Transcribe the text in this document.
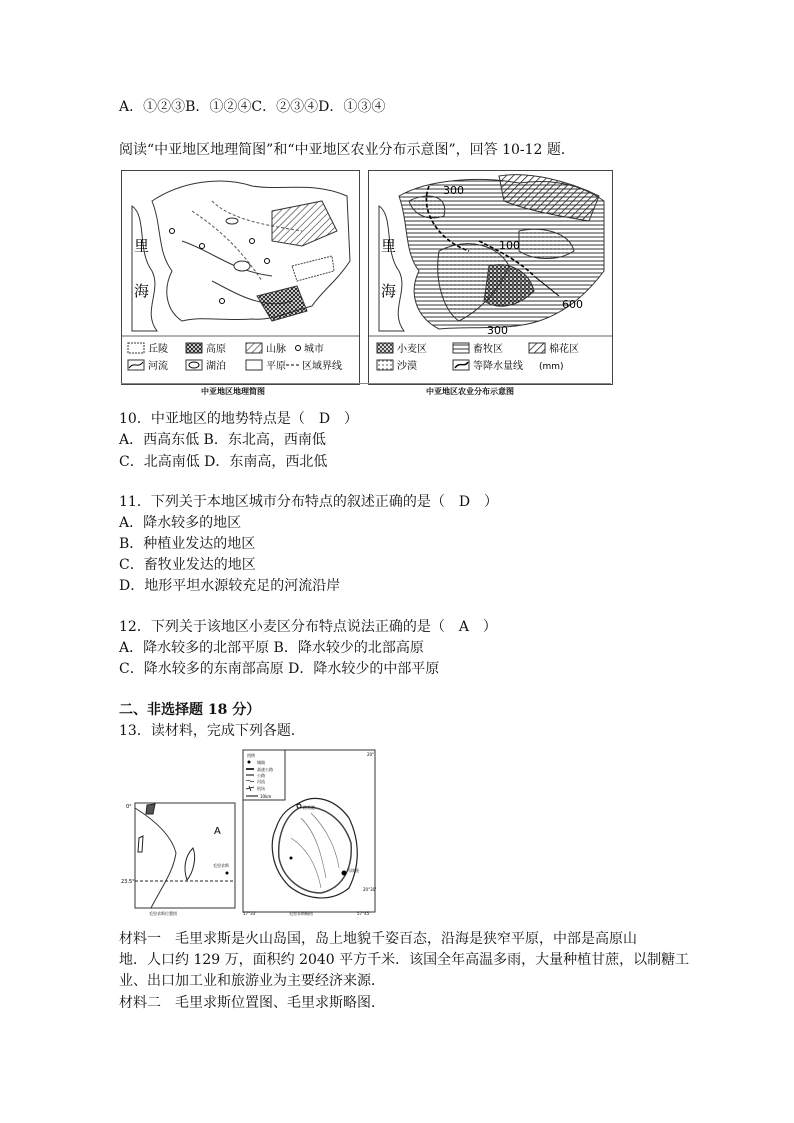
A．①②③B．①②④C．②③④D．①③④
阅读“中亚地区地理简图”和“中亚地区农业分布示意图”，回答 10-12 题．
里
海
丘陵	高原	山脉 城市
河流	平原
湖泊	区域界线
300
100
600
300
里
海
小麦区	畜牧区	棉花区
沙漠	等降水量线 (mm)
中亚地区地理简图	中亚地区农业分布示意图
10．中亚地区的地势特点是（　D　）
A．西高东低 B．东北高，西南低
C．北高南低 D．东南高，西北低
11．下列关于本地区城市分布特点的叙述正确的是（　D　）
A．降水较多的地区
B．种植业发达的地区
C．畜牧业发达的地区
D．地形平坦水源较充足的河流沿岸
12．下列关于该地区小麦区分布特点说法正确的是（　A　）
A．降水较多的北部平原 B．降水较少的北部高原
C．降水较多的东南部高原 D．降水较少的中部平原
二、非选择题 18 分）
13．读材料，完成下列各题．
A
0°
23.5°
毛里求斯
毛里求斯位置图
图例
城镇
高速公路
公路
河流
机场
10km
20°
20°30'
57°33'	57°45'
毛里求斯略图
路易港
马埃堡
材料一　毛里求斯是火山岛国，岛上地貌千姿百态，沿海是狭窄平原，中部是高原山
地．人口约 129 万，面积约 2040 平方千米．该国全年高温多雨，大量种植甘蔗，以制糖工
业、出口加工业和旅游业为主要经济来源．
材料二　毛里求斯位置图、毛里求斯略图．
